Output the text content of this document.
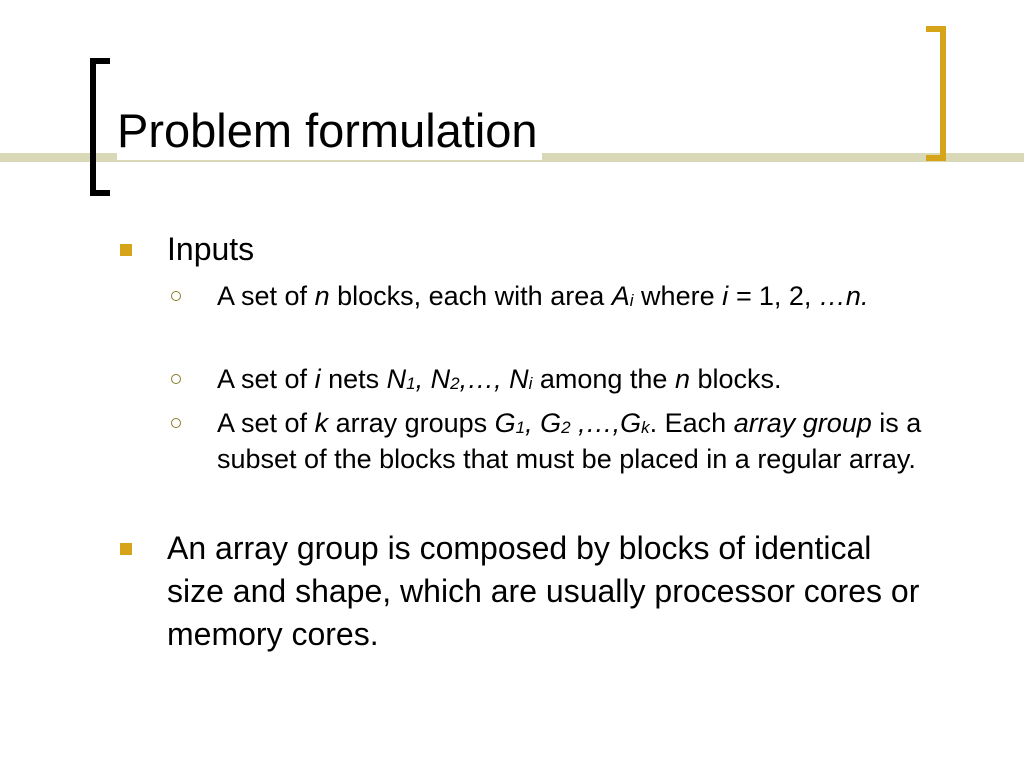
Problem formulation
Inputs
A set of n blocks, each with area $A_i$ where i = 1, 2, …n.
A set of i nets $N_1$, $N_2,\dots$, $N_i$ among the n blocks.
A set of k array groups $G_1$, $G_2$ $,\dots,G_k$. Each array group is a subset of the blocks that must be placed in a regular array.
An array group is composed by blocks of identical size and shape, which are usually processor cores or memory cores.
